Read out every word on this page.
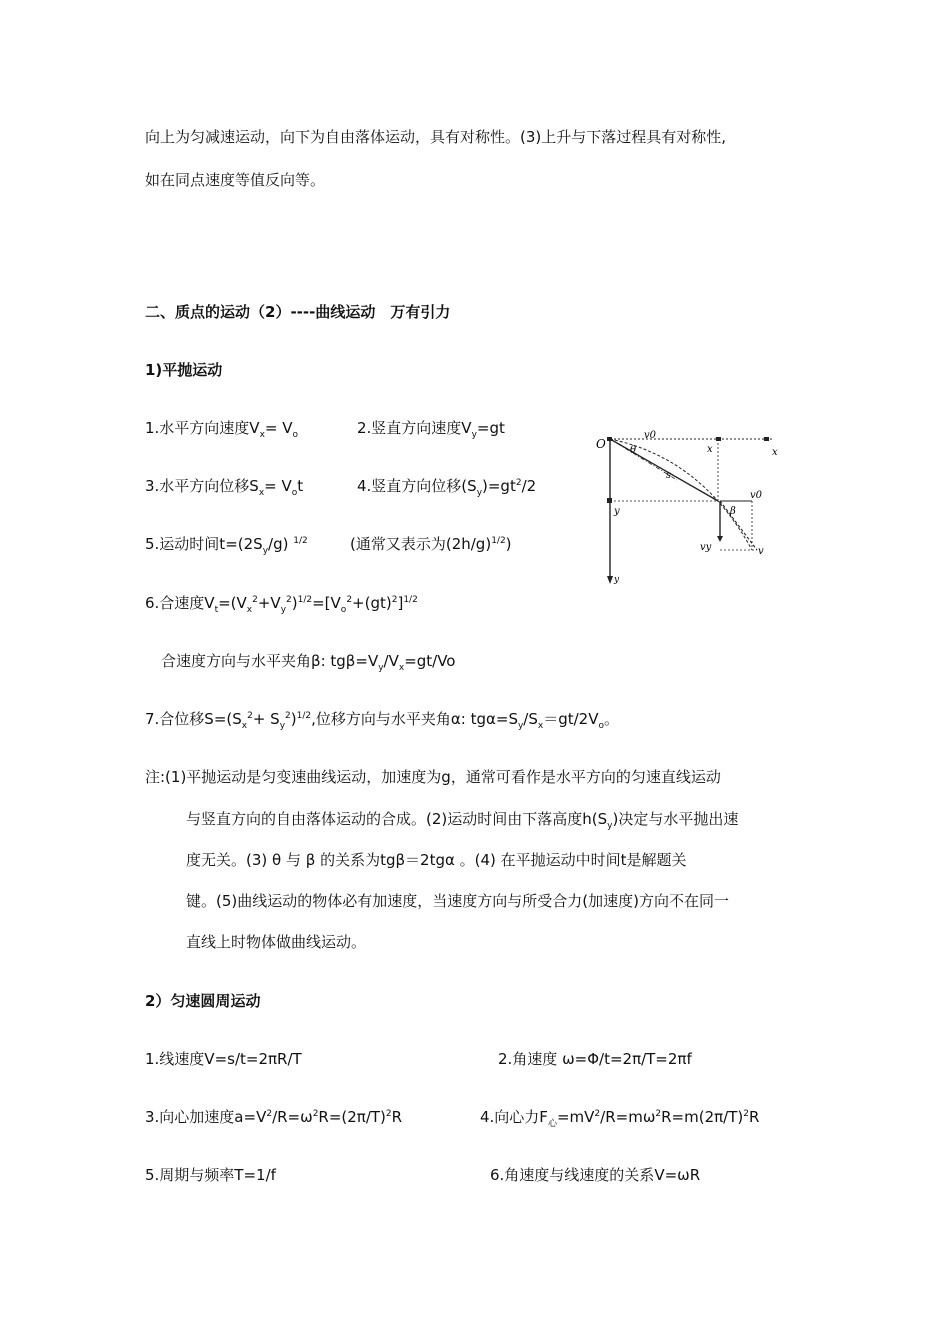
向上为匀减速运动，向下为自由落体运动，具有对称性。(3)上升与下落过程具有对称性,
如在同点速度等值反向等。
二、质点的运动（2）----曲线运动　万有引力
1)平抛运动
1.水平方向速度$V_x= V_o$	2.竖直方向速度$V_y=gt$
3.水平方向位移$S_x= V_ot$	4.竖直方向位移$(S_y)=gt^2/2$
5.运动时间$t=(2S_y/g)$ $^{1/2}$	(通常又表示为$(2h/g)^{1/2}$)
6.合速度$V_t=(V_x^2+V_y^2)^{1/2}=[V_o^2+(gt)^2]^{1/2}$
合速度方向与水平夹角β: $tg\beta=V_y/V_x=gt/Vo$
7.合位移$S=(S_x^2+ S_y^2)^{1/2}$,位移方向与水平夹角α: $tg\alpha=S_y/S_x=gt/2V_o$。
注:(1)平抛运动是匀变速曲线运动，加速度为g，通常可看作是水平方向的匀速直线运动
与竖直方向的自由落体运动的合成。(2)运动时间由下落高度$h(S_y)$决定与水平抛出速
度无关。(3) θ 与 β 的关系为tgβ＝2tgα 。(4) 在平抛运动中时间t是解题关
键。(5)曲线运动的物体必有加速度，当速度方向与所受合力(加速度)方向不在同一
直线上时物体做曲线运动。
2）匀速圆周运动
1.线速度V=s/t=2πR/T	2.角速度 ω=Φ/t=2π/T=2πf
3.向心加速度$a=V^2/R=\omega^2R=(2\pi/T)^2R$	4.向心力$F_心=mV^2/R=m\omega^2R=m(2\pi/T)^2R$
5.周期与频率T=1/f	6.角速度与线速度的关系V=ωR
O
v0
x	x
s
θ
y
v0
β
vy	v
y
